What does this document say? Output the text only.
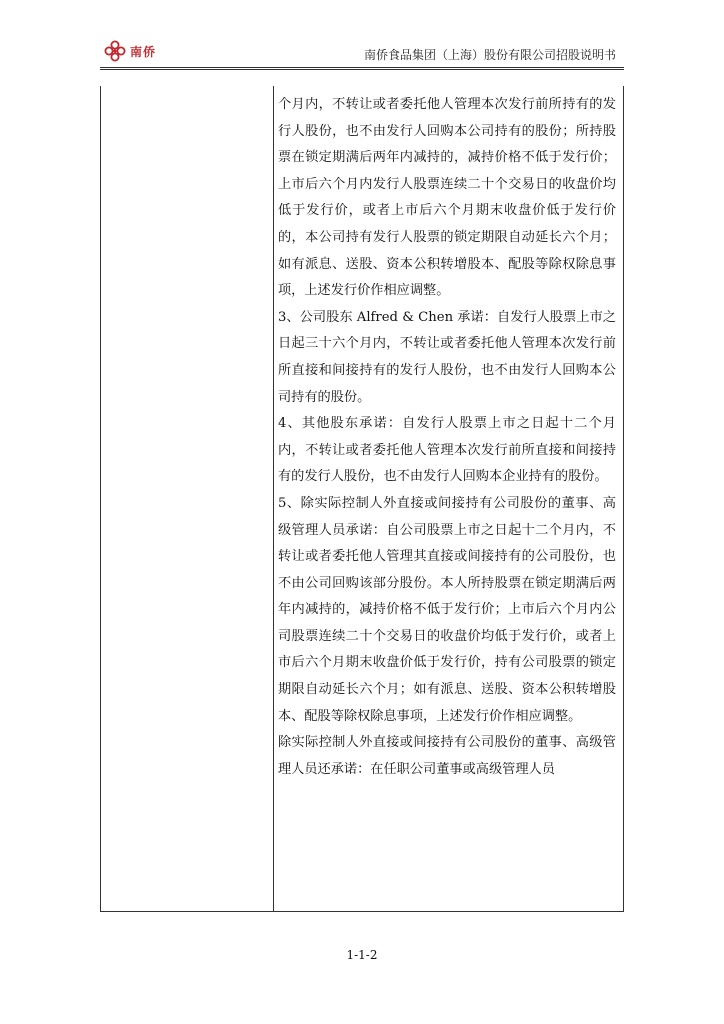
南侨	南侨食品集团（上海）股份有限公司招股说明书

个月内，不转让或者委托他人管理本次发行前所持有的发行人股份，也不由发行人回购本公司持有的股份；所持股票在锁定期满后两年内减持的，减持价格不低于发行价；上市后六个月内发行人股票连续二十个交易日的收盘价均低于发行价，或者上市后六个月期末收盘价低于发行价的，本公司持有发行人股票的锁定期限自动延长六个月；如有派息、送股、资本公积转增股本、配股等除权除息事项，上述发行价作相应调整。

3、公司股东 Alfred & Chen 承诺：自发行人股票上市之日起三十六个月内，不转让或者委托他人管理本次发行前所直接和间接持有的发行人股份，也不由发行人回购本公司持有的股份。

4、其他股东承诺：自发行人股票上市之日起十二个月内，不转让或者委托他人管理本次发行前所直接和间接持有的发行人股份，也不由发行人回购本企业持有的股份。

5、除实际控制人外直接或间接持有公司股份的董事、高级管理人员承诺：自公司股票上市之日起十二个月内，不转让或者委托他人管理其直接或间接持有的公司股份，也不由公司回购该部分股份。本人所持股票在锁定期满后两年内减持的，减持价格不低于发行价；上市后六个月内公司股票连续二十个交易日的收盘价均低于发行价，或者上市后六个月期末收盘价低于发行价，持有公司股票的锁定期限自动延长六个月；如有派息、送股、资本公积转增股本、配股等除权除息事项，上述发行价作相应调整。

除实际控制人外直接或间接持有公司股份的董事、高级管理人员还承诺：在任职公司董事或高级管理人员

1-1-2
